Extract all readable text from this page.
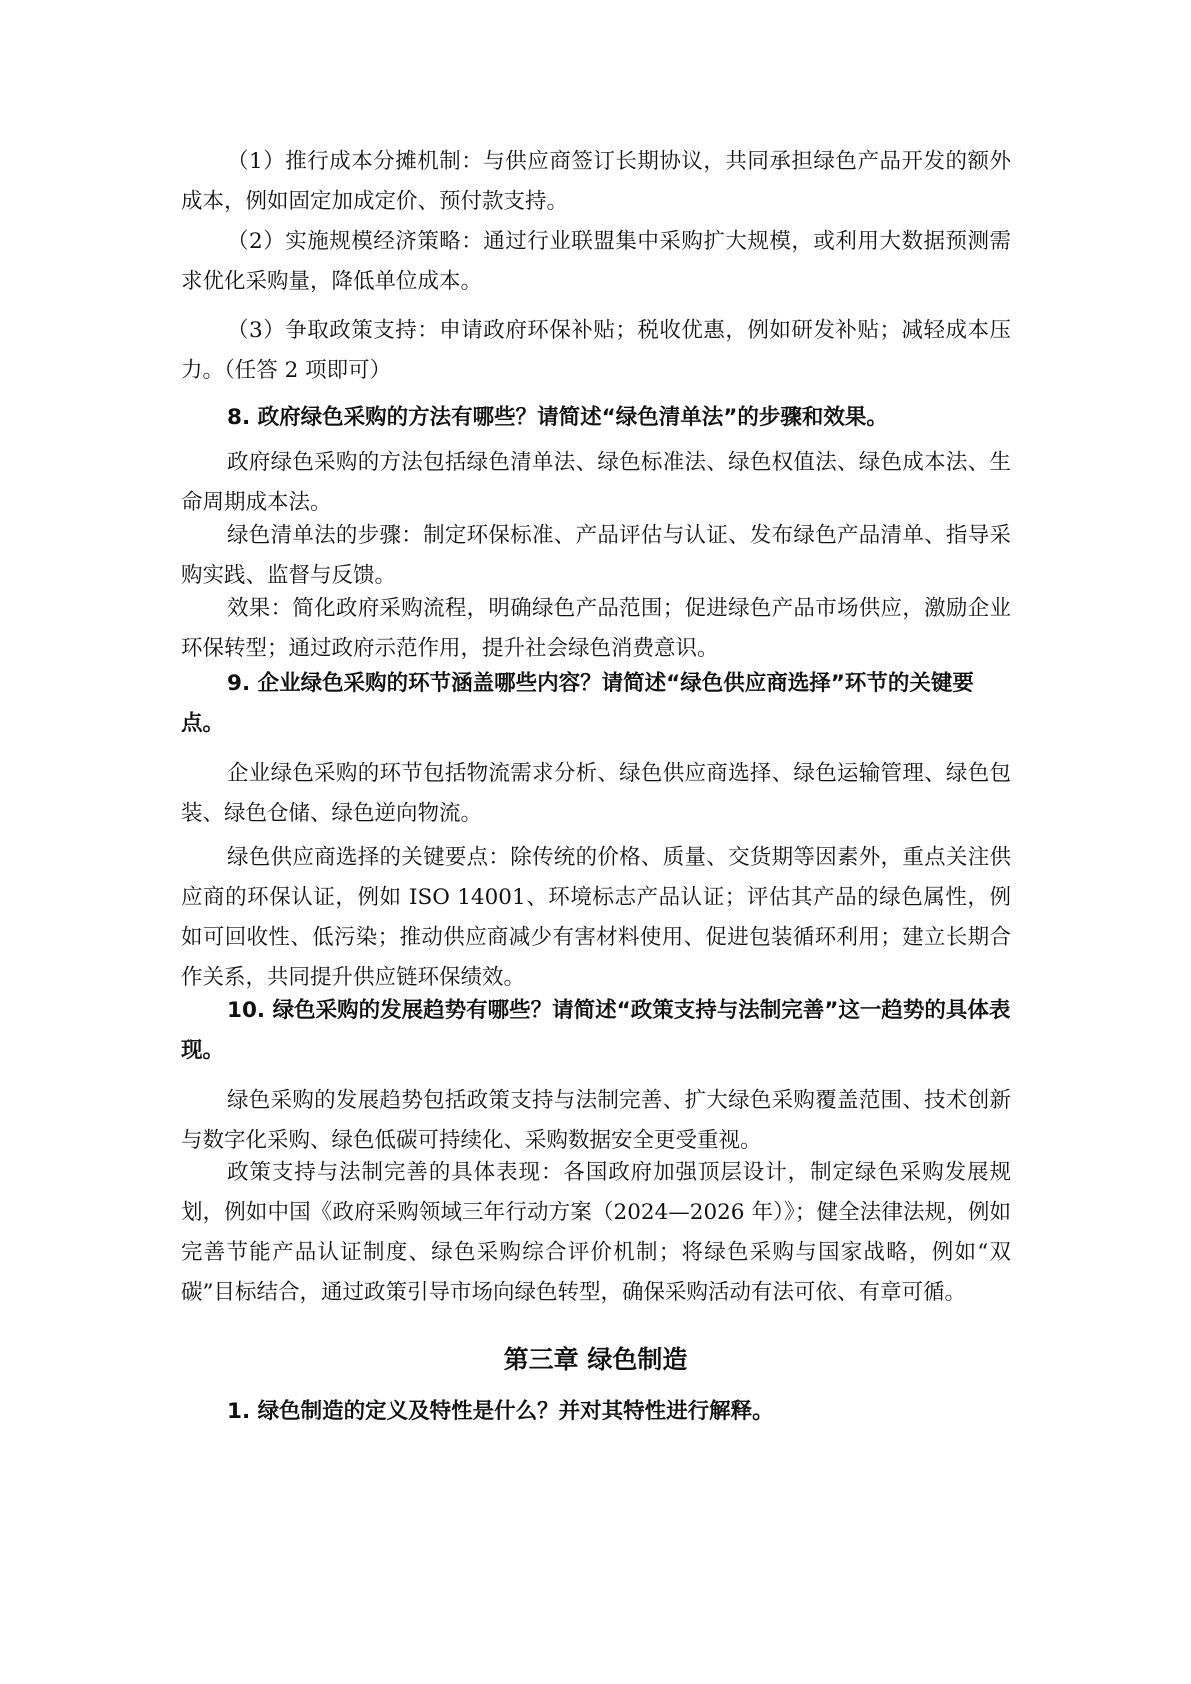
（1）推行成本分摊机制：与供应商签订长期协议，共同承担绿色产品开发的额外成本，例如固定加成定价、预付款支持。

（2）实施规模经济策略：通过行业联盟集中采购扩大规模，或利用大数据预测需求优化采购量，降低单位成本。

（3）争取政策支持：申请政府环保补贴；税收优惠，例如研发补贴；减轻成本压力。（任答 2 项即可）

8. 政府绿色采购的方法有哪些？请简述“绿色清单法”的步骤和效果。

政府绿色采购的方法包括绿色清单法、绿色标准法、绿色权值法、绿色成本法、生命周期成本法。

绿色清单法的步骤：制定环保标准、产品评估与认证、发布绿色产品清单、指导采购实践、监督与反馈。

效果：简化政府采购流程，明确绿色产品范围；促进绿色产品市场供应，激励企业环保转型；通过政府示范作用，提升社会绿色消费意识。

9. 企业绿色采购的环节涵盖哪些内容？请简述“绿色供应商选择”环节的关键要点。

企业绿色采购的环节包括物流需求分析、绿色供应商选择、绿色运输管理、绿色包装、绿色仓储、绿色逆向物流。

绿色供应商选择的关键要点：除传统的价格、质量、交货期等因素外，重点关注供应商的环保认证，例如 ISO 14001、环境标志产品认证；评估其产品的绿色属性，例如可回收性、低污染；推动供应商减少有害材料使用、促进包装循环利用；建立长期合作关系，共同提升供应链环保绩效。

10. 绿色采购的发展趋势有哪些？请简述“政策支持与法制完善”这一趋势的具体表现。

绿色采购的发展趋势包括政策支持与法制完善、扩大绿色采购覆盖范围、技术创新与数字化采购、绿色低碳可持续化、采购数据安全更受重视。

政策支持与法制完善的具体表现：各国政府加强顶层设计，制定绿色采购发展规划，例如中国《政府采购领域三年行动方案（2024—2026 年）》；健全法律法规，例如完善节能产品认证制度、绿色采购综合评价机制；将绿色采购与国家战略，例如“双碳”目标结合，通过政策引导市场向绿色转型，确保采购活动有法可依、有章可循。

第三章 绿色制造

1. 绿色制造的定义及特性是什么？并对其特性进行解释。
